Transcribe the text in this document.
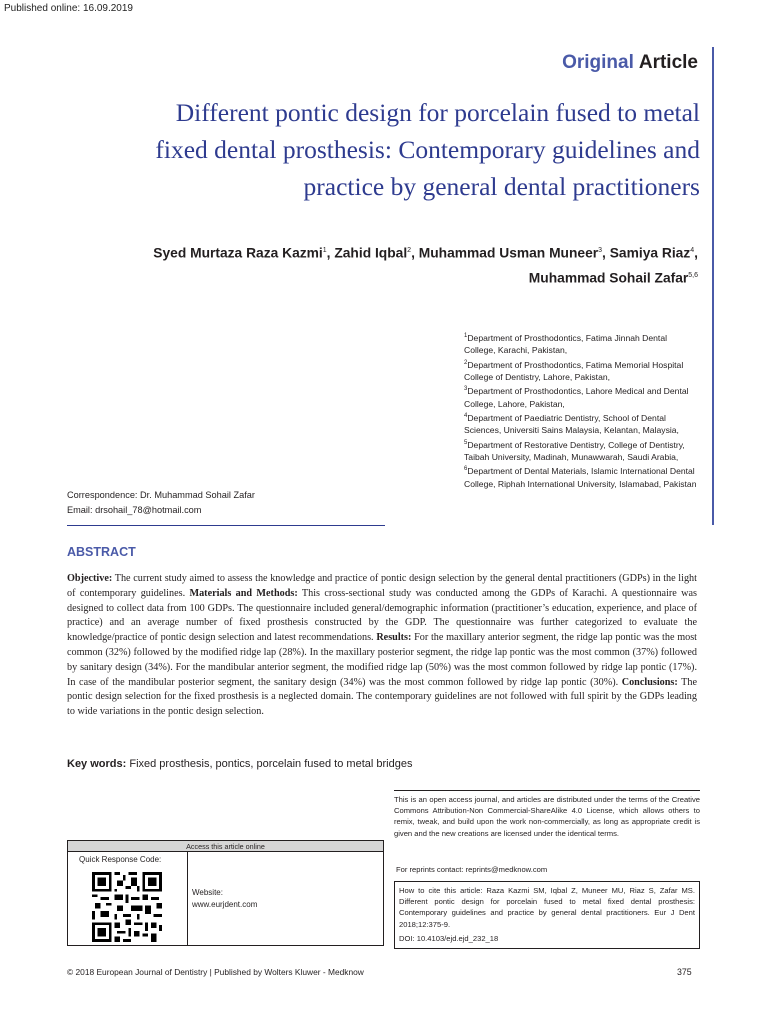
Published online: 16.09.2019
Original Article
Different pontic design for porcelain fused to metal fixed dental prosthesis: Contemporary guidelines and practice by general dental practitioners
Syed Murtaza Raza Kazmi$^1$, Zahid Iqbal$^2$, Muhammad Usman Muneer$^3$, Samiya Riaz$^4$,
Muhammad Sohail Zafar$^{5,6}$
$^1$Department of Prosthodontics, Fatima Jinnah Dental College, Karachi, Pakistan,
$^2$Department of Prosthodontics, Fatima Memorial Hospital College of Dentistry, Lahore, Pakistan,
$^3$Department of Prosthodontics, Lahore Medical and Dental College, Lahore, Pakistan,
$^4$Department of Paediatric Dentistry, School of Dental Sciences, Universiti Sains Malaysia, Kelantan, Malaysia,
$^5$Department of Restorative Dentistry, College of Dentistry, Taibah University, Madinah, Munawwarah, Saudi Arabia,
$^6$Department of Dental Materials, Islamic International Dental College, Riphah International University, Islamabad, Pakistan
Correspondence: Dr. Muhammad Sohail Zafar
Email: drsohail_78@hotmail.com
ABSTRACT

Objective: The current study aimed to assess the knowledge and practice of pontic design selection by the general dental practitioners (GDPs) in the light of contemporary guidelines. Materials and Methods: This cross-sectional study was conducted among the GDPs of Karachi. A questionnaire was designed to collect data from 100 GDPs. The questionnaire included general/demographic information (practitioner’s education, experience, and place of practice) and an average number of fixed prosthesis constructed by the GDP. The questionnaire was further categorized to evaluate the knowledge/practice of pontic design selection and latest recommendations. Results: For the maxillary anterior segment, the ridge lap pontic was the most common (32%) followed by the modified ridge lap (28%). In the maxillary posterior segment, the ridge lap pontic was the most common (37%) followed by sanitary design (34%). For the mandibular anterior segment, the modified ridge lap (50%) was the most common followed by ridge lap pontic (17%). In case of the mandibular posterior segment, the sanitary design (34%) was the most common followed by ridge lap pontic (30%). Conclusions: The pontic design selection for the fixed prosthesis is a neglected domain. The contemporary guidelines are not followed with full spirit by the GDPs leading to wide variations in the pontic design selection.

Key words: Fixed prosthesis, pontics, porcelain fused to metal bridges
This is an open access journal, and articles are distributed under the terms of the Creative Commons Attribution-Non Commercial-ShareAlike 4.0 License, which allows others to remix, tweak, and build upon the work non-commercially, as long as appropriate credit is given and the new creations are licensed under the identical terms.
For reprints contact: reprints@medknow.com
How to cite this article: Raza Kazmi SM, Iqbal Z, Muneer MU, Riaz S, Zafar MS. Different pontic design for porcelain fused to metal fixed dental prosthesis: Contemporary guidelines and practice by general dental practitioners. Eur J Dent 2018;12:375-9.
DOI: 10.4103/ejd.ejd_232_18
Access this article online
Quick Response Code:
Website:
www.eurjdent.com
© 2018 European Journal of Dentistry | Published by Wolters Kluwer - Medknow	375
